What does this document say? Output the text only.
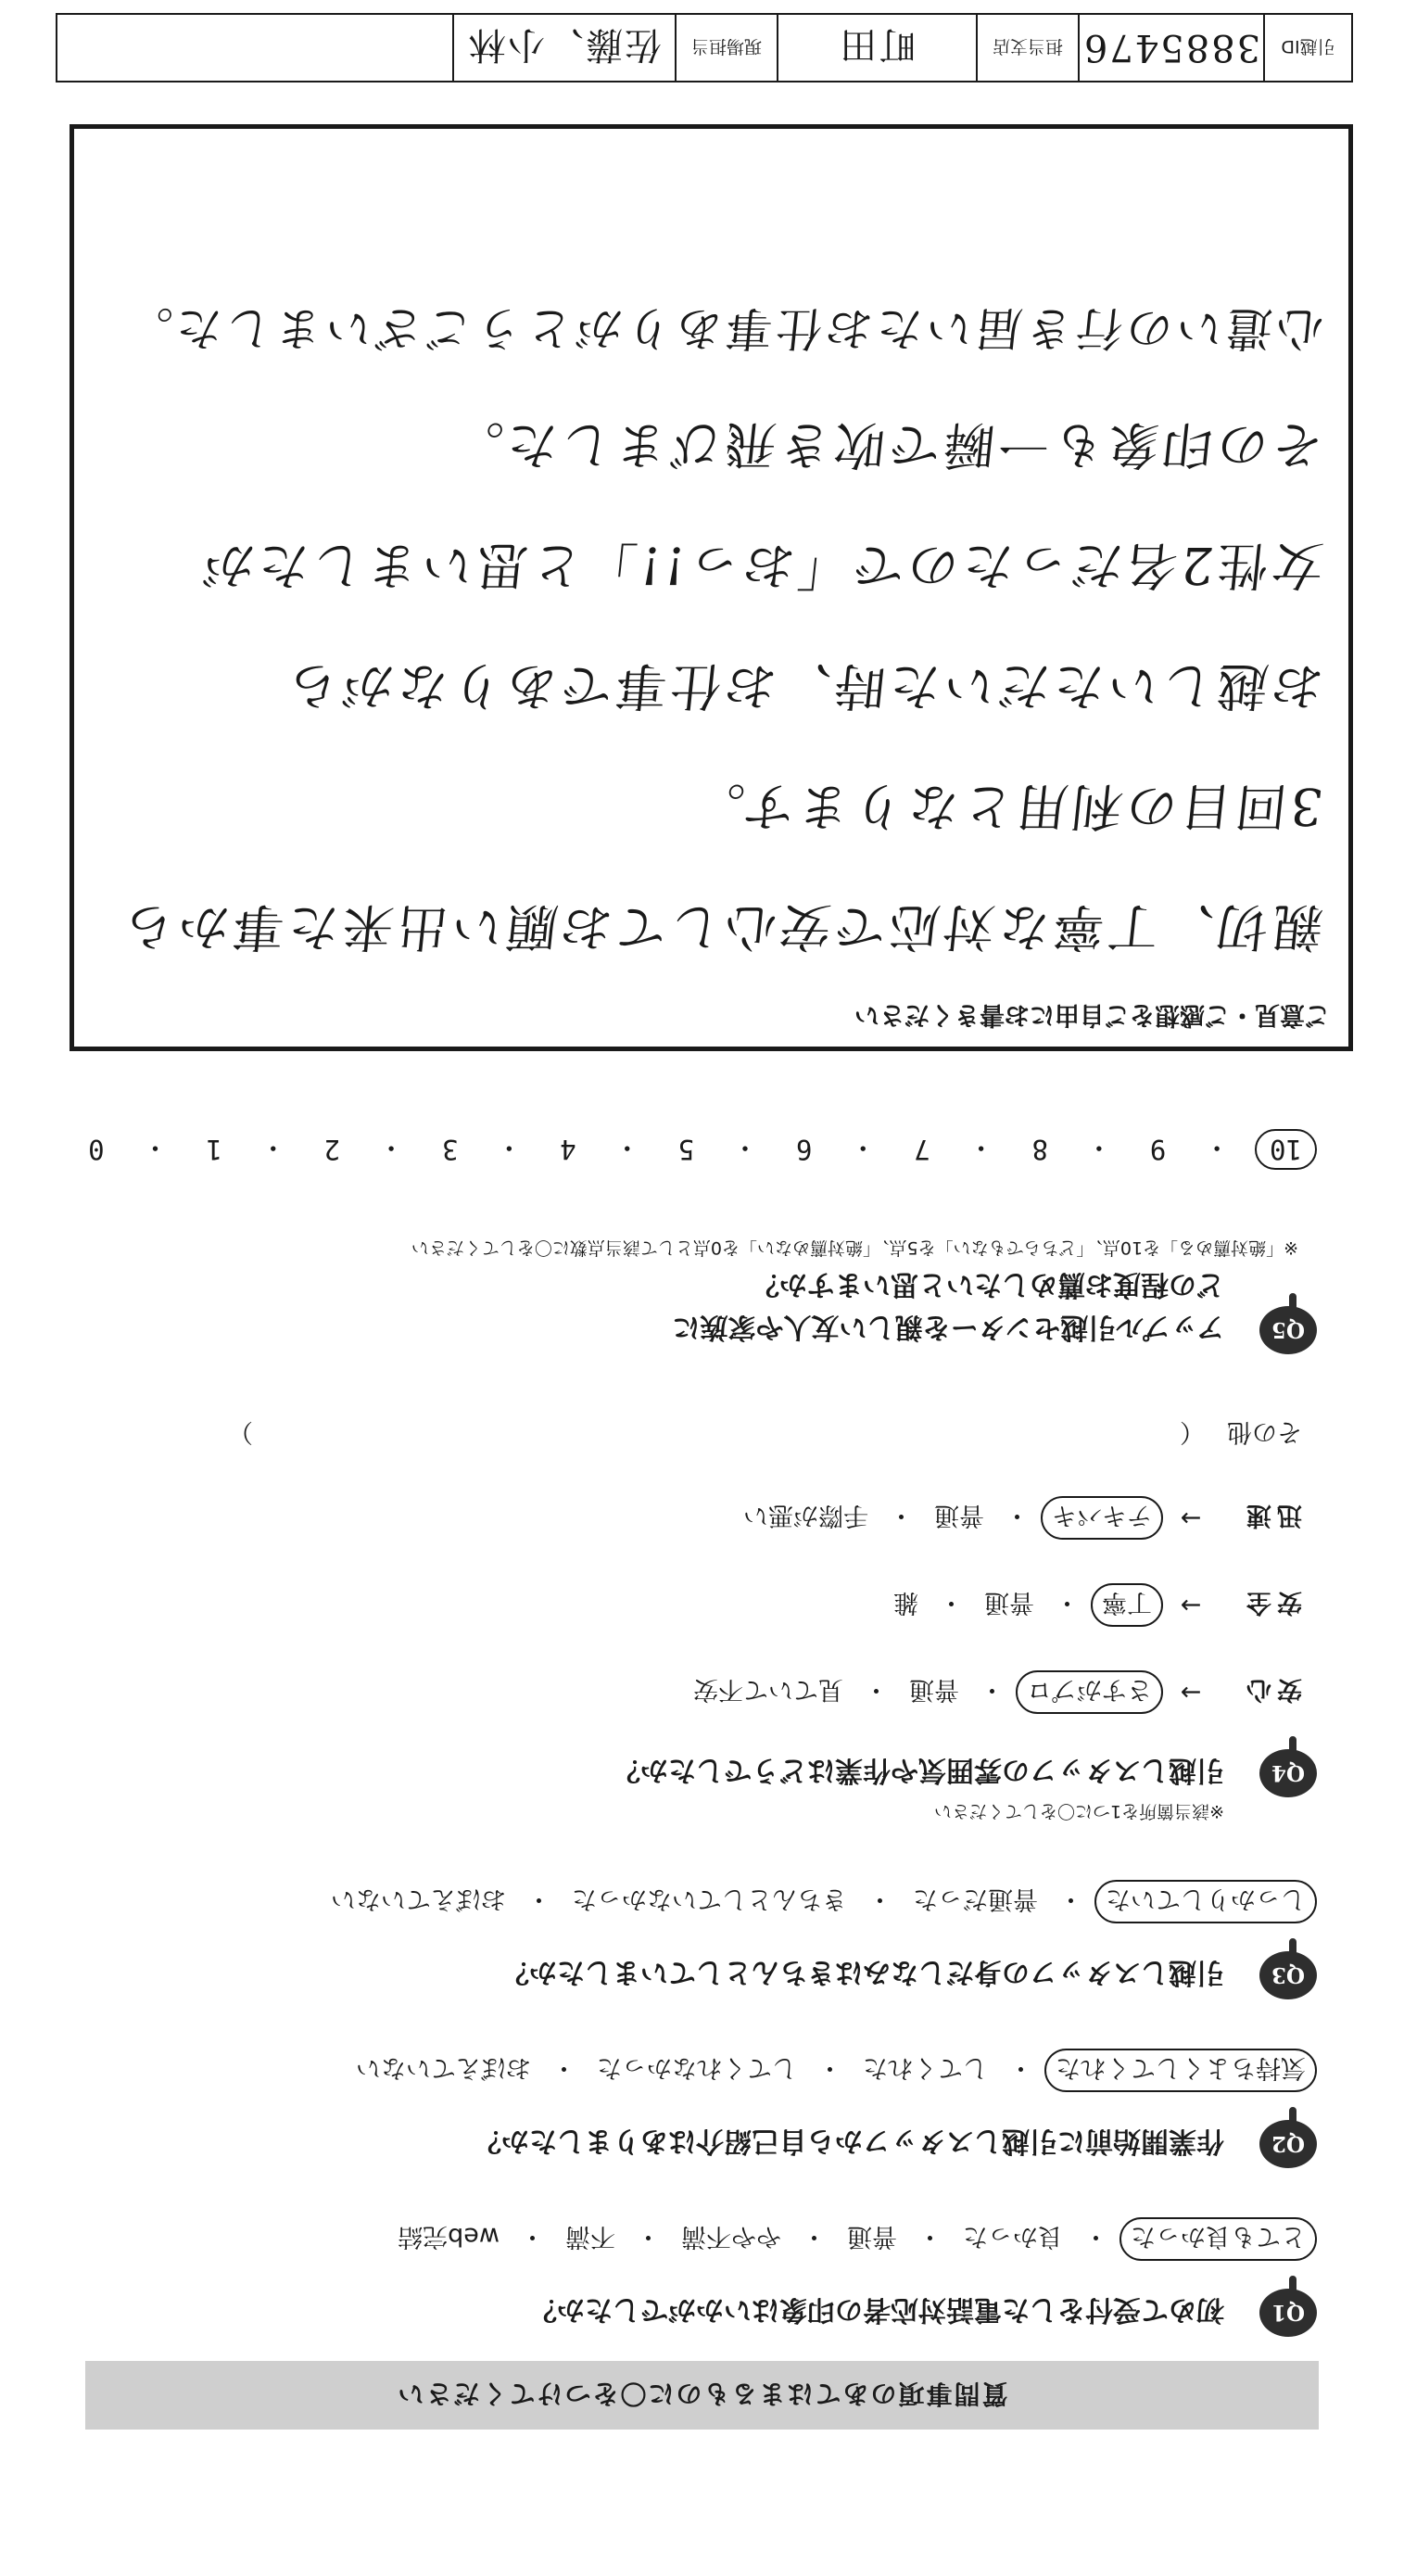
質問事項のあてはまるものに〇をつけてください
Q1
初めて受付をした電話対応者の印象はいかがでしたか？
とても良かった
・
良かった
・
普通
・
やや不満
・
不満
・
web完結
Q2
作業開始前に引越しスタッフから自己紹介はありましたか？
気持ちよくしてくれた
・
してくれた
・
してくれなかった
・
おぼえていない
Q3
引越しスタッフの身だしなみはきちんとしていましたか？
しっかりしていた
・
普通だった
・
きちんとしていなかった
・
おぼえていない
Q4
引越しスタッフの雰囲気や作業はどうでしたか？
※該当箇所を1つに〇をしてください
安心
→
さすがプロ
・
普通
・
見ていて不安
安全
→
丁寧
・
普通
・
雑
迅速
→
テキパキ
・
普通
・
手際が悪い
その他
（
）
Q5
アップル引越センターを親しい友人や家族に
どの程度お薦めしたいと思いますか？
※「絶対薦める」を10点、「どちらでもない」を5点、「絶対薦めない」を0点として該当点数に〇をしてください
10
・
9
・
8
・
7
・
6
・
5
・
4
・
3
・
2
・
1
・
0
ご意見・ご感想をご自由にお書きください
親切、丁寧な対応で安心してお願い出来た事から
3回目の利用となります。
お越しいただいた時、お仕事でありながら
女性2名だったので「おっ!!」と思いましたが
その印象も一瞬で吹き飛びました。
心遣いの行き届いたお仕事ありがとうございました。
引越ID
3885476
担当支店
町田
現場担当
佐藤、小林
